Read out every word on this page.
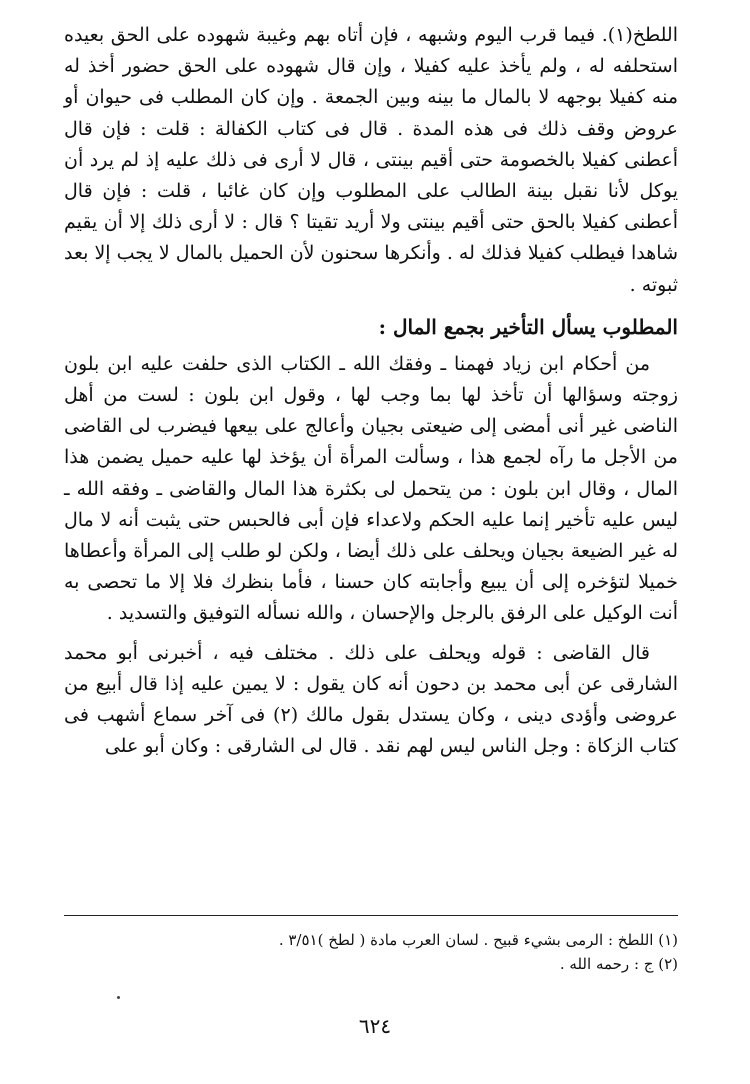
اللطخ(١). فيما قرب اليوم وشبهه ، فإن أتاه بهم وغيبة شهوده على الحق بعيده استحلفه له ، ولم يأخذ عليه كفيلا ، وإن قال شهوده على الحق حضور أخذ له منه كفيلا بوجهه لا بالمال ما بينه وبين الجمعة . وإن كان المطلب فى حيوان أو عروض وقف ذلك فى هذه المدة . قال فى كتاب الكفالة : قلت : فإن قال أعطنى كفيلا بالخصومة حتى أقيم بينتى ، قال لا أرى فى ذلك عليه إذ لم يرد أن يوكل لأنا نقبل بينة الطالب على المطلوب وإن كان غائبا ، قلت : فإن قال أعطنى كفيلا بالحق حتى أقيم بينتى ولا أريد تقيتا ؟ قال : لا أرى ذلك إلا أن يقيم شاهدا فيطلب كفيلا فذلك له . وأنكرها سحنون لأن الحميل بالمال لا يجب إلا بعد ثبوته .

المطلوب يسأل التأخير بجمع المال :

من أحكام ابن زياد فهمنا ـ وفقك الله ـ الكتاب الذى حلفت عليه ابن بلون زوجته وسؤالها أن تأخذ لها بما وجب لها ، وقول ابن بلون : لست من أهل الناضى غير أنى أمضى إلى ضيعتى بجيان وأعالج على بيعها فيضرب لى القاضى من الأجل ما رآه لجمع هذا ، وسألت المرأة أن يؤخذ لها عليه حميل يضمن هذا المال ، وقال ابن بلون : من يتحمل لى بكثرة هذا المال والقاضى ـ وفقه الله ـ ليس عليه تأخير إنما عليه الحكم ولاعداء فإن أبى فالحبس حتى يثبت أنه لا مال له غير الضيعة بجيان ويحلف على ذلك أيضا ، ولكن لو طلب إلى المرأة وأعطاها خميلا لتؤخره إلى أن يبيع وأجابته كان حسنا ، فأما بنظرك فلا إلا ما تحصى به أنت الوكيل على الرفق بالرجل والإحسان ، والله نسأله التوفيق والتسديد .

قال القاضى : قوله ويحلف على ذلك . مختلف فيه ، أخبرنى أبو محمد الشارقى عن أبى محمد بن دحون أنه كان يقول : لا يمين عليه إذا قال أبيع من عروضى وأؤدى دينى ، وكان يستدل بقول مالك (٢) فى آخر سماع أشهب فى كتاب الزكاة : وجل الناس ليس لهم نقد . قال لى الشارقى : وكان أبو على

(١) اللطخ : الرمى بشيء قبيح . لسان العرب مادة ( لطخ )٣/٥١ .

(٢) ج : رحمه الله .

٦٢٤
